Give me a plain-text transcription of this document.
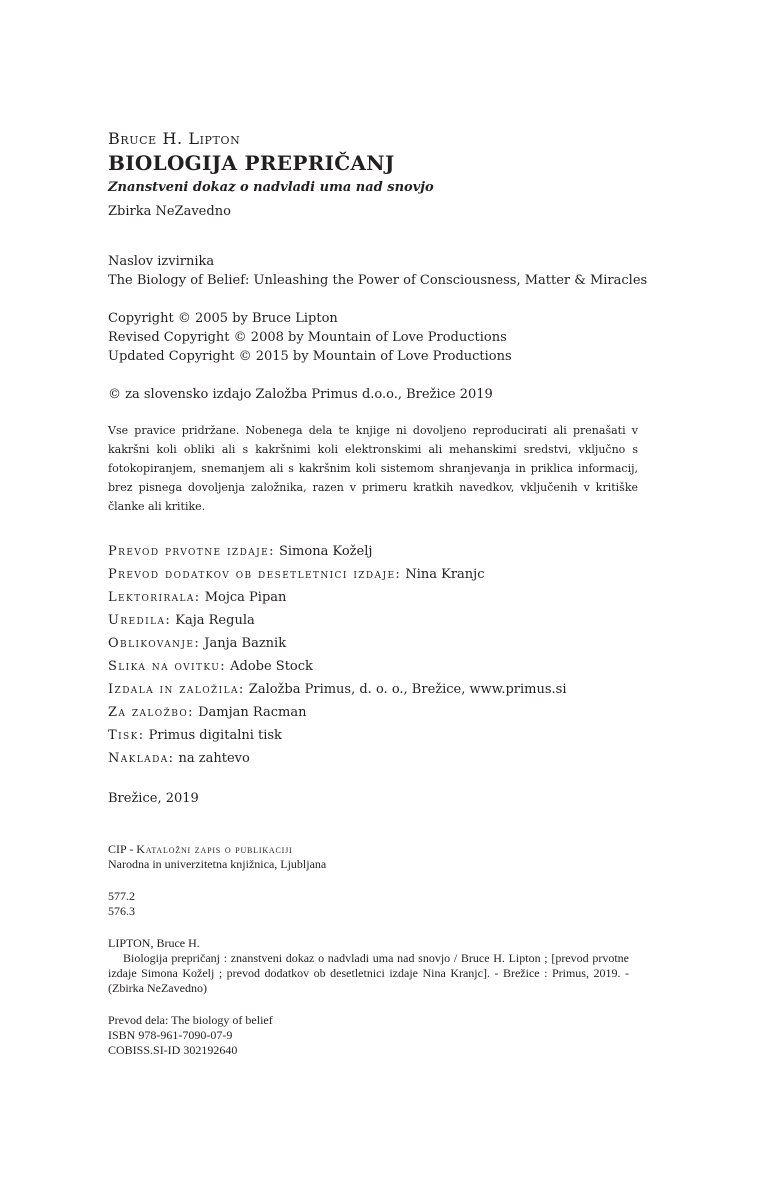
Bruce H. Lipton

BIOLOGIJA PREPRIČANJ

Znanstveni dokaz o nadvladi uma nad snovjo

Zbirka NeZavedno

Naslov izvirnika

The Biology of Belief: Unleashing the Power of Consciousness, Matter & Miracles

Copyright © 2005 by Bruce Lipton

Revised Copyright © 2008 by Mountain of Love Productions

Updated Copyright © 2015 by Mountain of Love Productions

© za slovensko izdajo Založba Primus d.o.o., Brežice 2019

Vse pravice pridržane. Nobenega dela te knjige ni dovoljeno reproducirati ali prenašati v kakršni koli obliki ali s kakršnimi koli elektronskimi ali mehanskimi sredstvi, vključno s fotokopiranjem, snemanjem ali s kakršnim koli sistemom shranjevanja in priklica informacij, brez pisnega dovoljenja založnika, razen v primeru kratkih navedkov, vključenih v kritiške članke ali kritike.

Prevod prvotne izdaje: Simona Koželj

Prevod dodatkov ob desetletnici izdaje: Nina Kranjc

Lektorirala: Mojca Pipan

Uredila: Kaja Regula

Oblikovanje: Janja Baznik

Slika na ovitku: Adobe Stock

Izdala in založila: Založba Primus, d. o. o., Brežice, www.primus.si

Za založbo: Damjan Racman

Tisk: Primus digitalni tisk

Naklada: na zahtevo

Brežice, 2019

CIP - Kataložni zapis o publikaciji

Narodna in univerzitetna knjižnica, Ljubljana

577.2

576.3

LIPTON, Bruce H.

Biologija prepričanj : znanstveni dokaz o nadvladi uma nad snovjo / Bruce H. Lipton ; [prevod prvotne izdaje Simona Koželj ; prevod dodatkov ob desetletnici izdaje Nina Kranjc]. - Brežice : Primus, 2019. - (Zbirka NeZavedno)

Prevod dela: The biology of belief

ISBN 978-961-7090-07-9

COBISS.SI-ID 302192640
